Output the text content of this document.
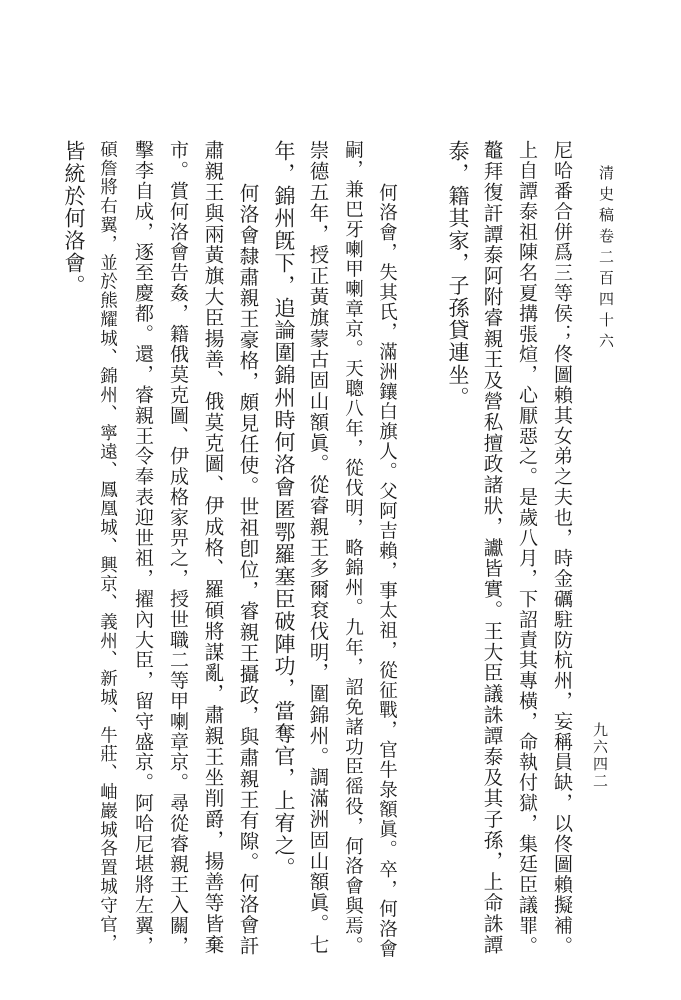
清史稿卷二百四十六
九六四二
尼哈番合併爲三等侯；佟圖賴其女弟之夫也，時金礪駐防杭州，妄稱員缺，以佟圖賴擬補。
上自譚泰祖陳名夏搆張煊，心厭惡之。是歲八月，下詔責其專橫，命執付獄，集廷臣議罪。
鼇拜復訐譚泰阿附睿親王及營私擅政諸狀，讞皆實。王大臣議誅譚泰及其子孫，上命誅譚
泰，籍其家，子孫貸連坐。
何洛會，失其氏，滿洲鑲白旗人。父阿吉賴，事太祖，從征戰，官牛彔額眞。卒，何洛會
嗣，兼巴牙喇甲喇章京。天聰八年，從伐明，略錦州。九年，詔免諸功臣徭役，何洛會與焉。
崇德五年，授正黃旗蒙古固山額眞。從睿親王多爾袞伐明，圍錦州。調滿洲固山額眞。七
年，錦州旣下，追論圍錦州時何洛會匿鄂羅塞臣破陣功，當奪官，上宥之。
何洛會隸肅親王豪格，頗見任使。世祖卽位，睿親王攝政，與肅親王有隙。何洛會訐
肅親王與兩黃旗大臣揚善、俄莫克圖、伊成格、羅碩將謀亂，肅親王坐削爵，揚善等皆棄
市。賞何洛會告姦，籍俄莫克圖、伊成格家畀之，授世職二等甲喇章京。尋從睿親王入關，
擊李自成，逐至慶都。還，睿親王令奉表迎世祖，擢內大臣，留守盛京。阿哈尼堪將左翼，
碩詹將右翼，並於熊耀城、錦州、寧遠、鳳凰城、興京、義州、新城、牛莊、岫巖城各置城守官，
皆統於何洛會。
